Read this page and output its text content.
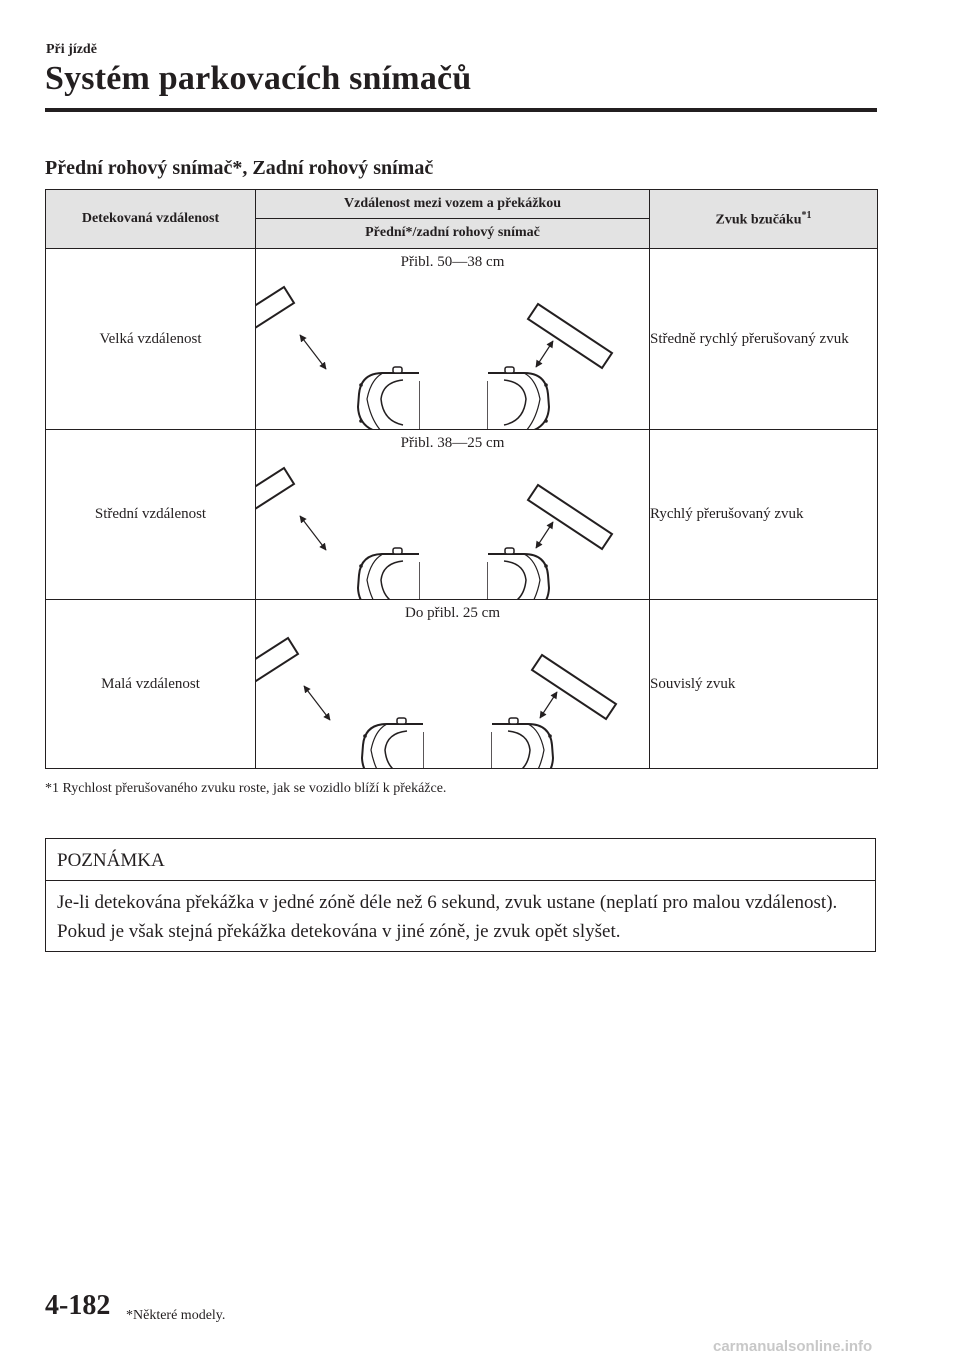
Při jízdě
Systém parkovacích snímačů
Přední rohový snímač*, Zadní rohový snímač
Detekovaná vzdálenost	Vzdálenost mezi vozem a překážkou	Zvuk bzučáku$^{*1}$
	Přední*/zadní rohový snímač	
Velká vzdálenost	Přibl. 50—38 cm	Středně rychlý přerušovaný zvuk
Střední vzdálenost	Přibl. 38—25 cm	Rychlý přerušovaný zvuk
Malá vzdálenost	Do přibl. 25 cm	Souvislý zvuk
*1 Rychlost přerušovaného zvuku roste, jak se vozidlo blíží k překážce.
POZNÁMKA
Je-li detekována překážka v jedné zóně déle než 6 sekund, zvuk ustane (neplatí pro malou vzdálenost). Pokud je však stejná překážka detekována v jiné zóně, je zvuk opět slyšet.
4-182 *Některé modely.
carmanualsonline.info
